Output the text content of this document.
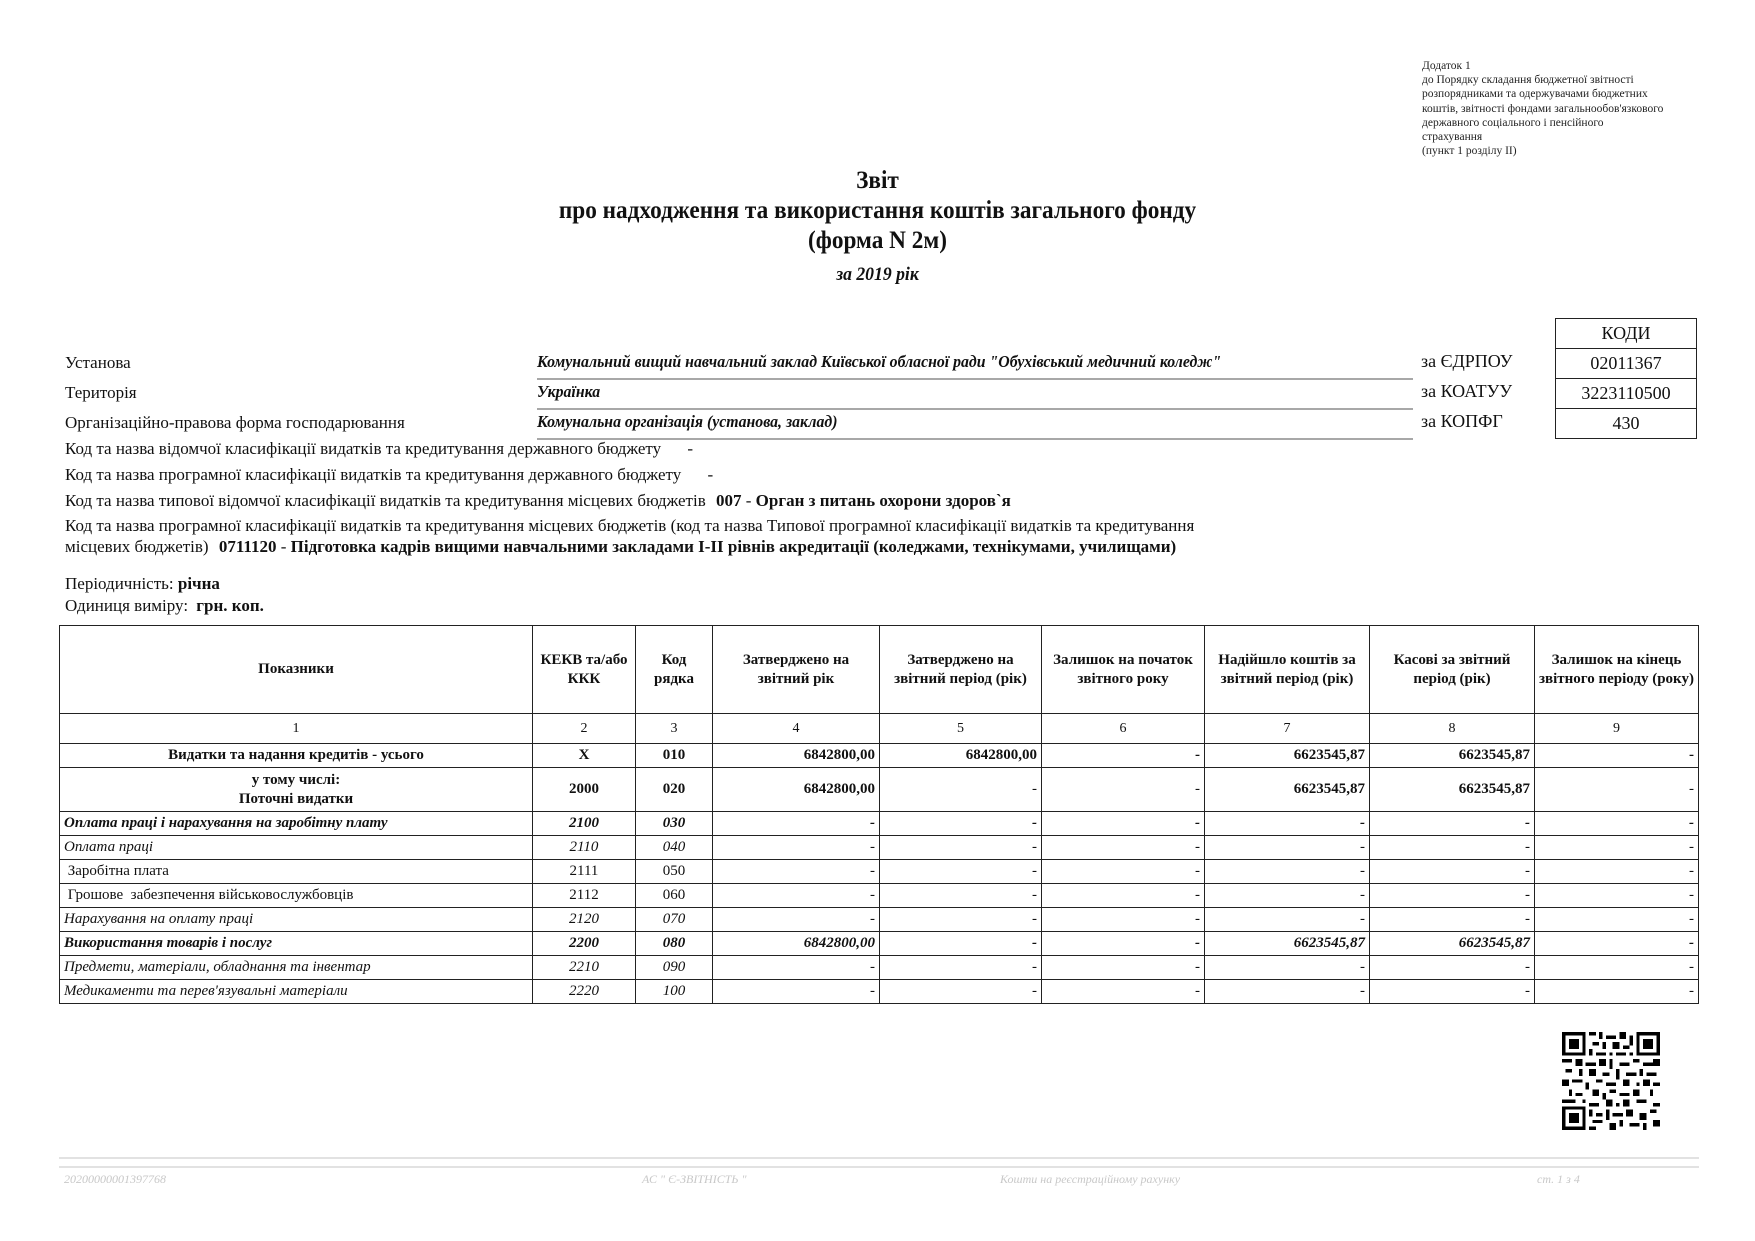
Додаток 1
до Порядку складання бюджетної звітності
розпорядниками та одержувачами бюджетних
коштів, звітності фондами загальнообов'язкового
державного соціального і пенсійного
страхування
(пункт 1 розділу II)
Звіт
про надходження та використання коштів загального фонду
(форма N 2м)
за 2019 рік
Установа	Комунальний вищий навчальний заклад Київської обласної ради "Обухівський медичний коледж"	за ЄДРПОУ
Територія	Українка	за КОАТУУ
Організаційно-правова форма господарювання	Комунальна організація (установа, заклад)	за КОПФГ
КОДИ
02011367
3223110500
430
Код та назва відомчої класифікації видатків та кредитування державного бюджету -
Код та назва програмної класифікації видатків та кредитування державного бюджету -
Код та назва типової відомчої класифікації видатків та кредитування місцевих бюджетів 007 - Орган з питань охорони здоров`я
Код та назва програмної класифікації видатків та кредитування місцевих бюджетів (код та назва Типової програмної класифікації видатків та кредитування
місцевих бюджетів) 0711120 - Підготовка кадрів вищими навчальними закладами I-II рівнів акредитації (коледжами, технікумами, училищами)
Періодичність: річна
Одиниця виміру: грн. коп.
Показники	КЕКВ та/або ККК	Код рядка	Затверджено на звітний рік	Затверджено на звітний період (рік)	Залишок на початок звітного року	Надійшло коштів за звітний період (рік)	Касові за звітний період (рік)	Залишок на кінець звітного періоду (року)
1	2	3	4	5	6	7	8	9
Видатки та надання кредитів - усього	X	010	6842800,00	6842800,00	-	6623545,87	6623545,87	-

у тому числі:
Поточні видатки	2000	020	6842800,00	-	-	6623545,87	6623545,87	-
Оплата праці і нарахування на заробітну плату	2100	030	-	-	-	-	-	-
Оплата праці	2110	040	-	-	-	-	-	-
Заробітна плата	2111	050	-	-	-	-	-	-
Грошове  забезпечення військовослужбовців	2112	060	-	-	-	-	-	-
Нарахування на оплату праці	2120	070	-	-	-	-	-	-
Використання товарів і послуг	2200	080	6842800,00	-	-	6623545,87	6623545,87	-
Предмети, матеріали, обладнання та інвентар	2210	090	-	-	-	-	-	-
Медикаменти та перев'язувальні матеріали	2220	100	-	-	-	-	-	-
20200000001397768	АС " Є-ЗВІТНІСТЬ "	Кошти на реєстраційному рахунку	ст. 1 з 4
